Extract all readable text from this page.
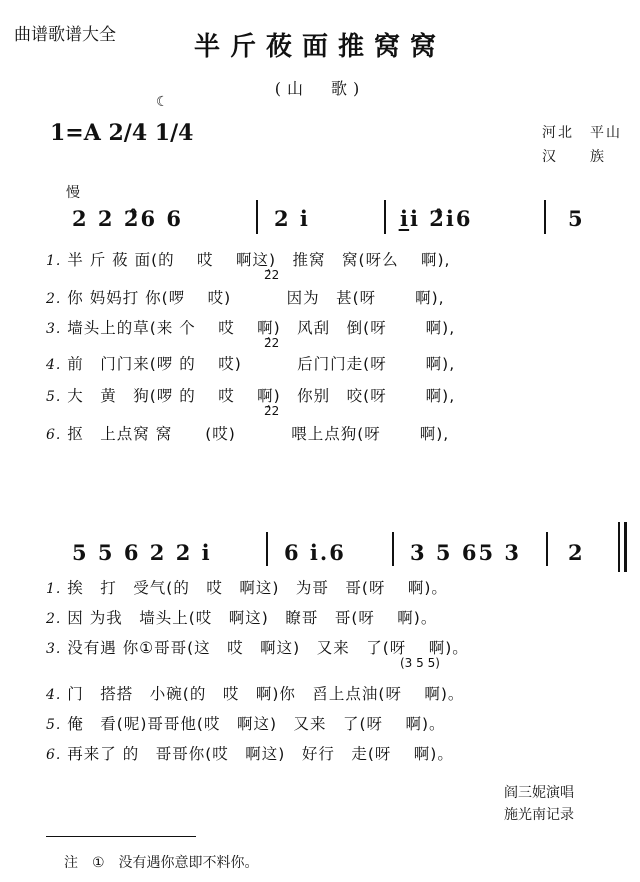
曲谱歌谱大全	半斤莜面推窝窝
(山　歌)
☾
1=A 2/4 1/4	河北　平山
汉　　族
慢
2 2 2̂6 6	2 i	i̲i 2̂i6	5
1. 半 斤 莜 面(的　 哎　 啊这)　推窝　窝(呀么　 啊),
2. 你 妈妈打 你(啰　 哎)　　　 因为　甚(呀　　 啊),
2̂2
3. 墙头上的草(来 个　 哎　 啊)　风刮　倒(呀　　 啊),
2̂2
4. 前　门门来(啰 的　 哎)　　　 后门门走(呀　　 啊),
5. 大　黄　狗(啰 的　 哎　 啊)　你别　咬(呀　　 啊),
2̂2
6. 抠　上点窝 窝　　(哎)　　　 喂上点狗(呀　　 啊),
5 5 6 2 2 i	6 i.6	3 5 65 3 2
1. 挨　打　受气(的　哎　啊这)　为哥　哥(呀　 啊)。
2. 因 为我　墙头上(哎　啊这)　瞭哥　哥(呀　 啊)。
3. 没有遇 你①哥哥(这　哎　啊这)　又来　了(呀　 啊)。
(3 5 5)
4. 门　搭搭　小碗(的　哎　啊)你　舀上点油(呀　 啊)。
5. 俺　看(呢)哥哥他(哎　啊这)　又来　了(呀　 啊)。
6. 再来了 的　哥哥你(哎　啊这)　好行　走(呀　 啊)。
阎三妮演唱
施光南记录
注　①　没有遇你意即不料你。
